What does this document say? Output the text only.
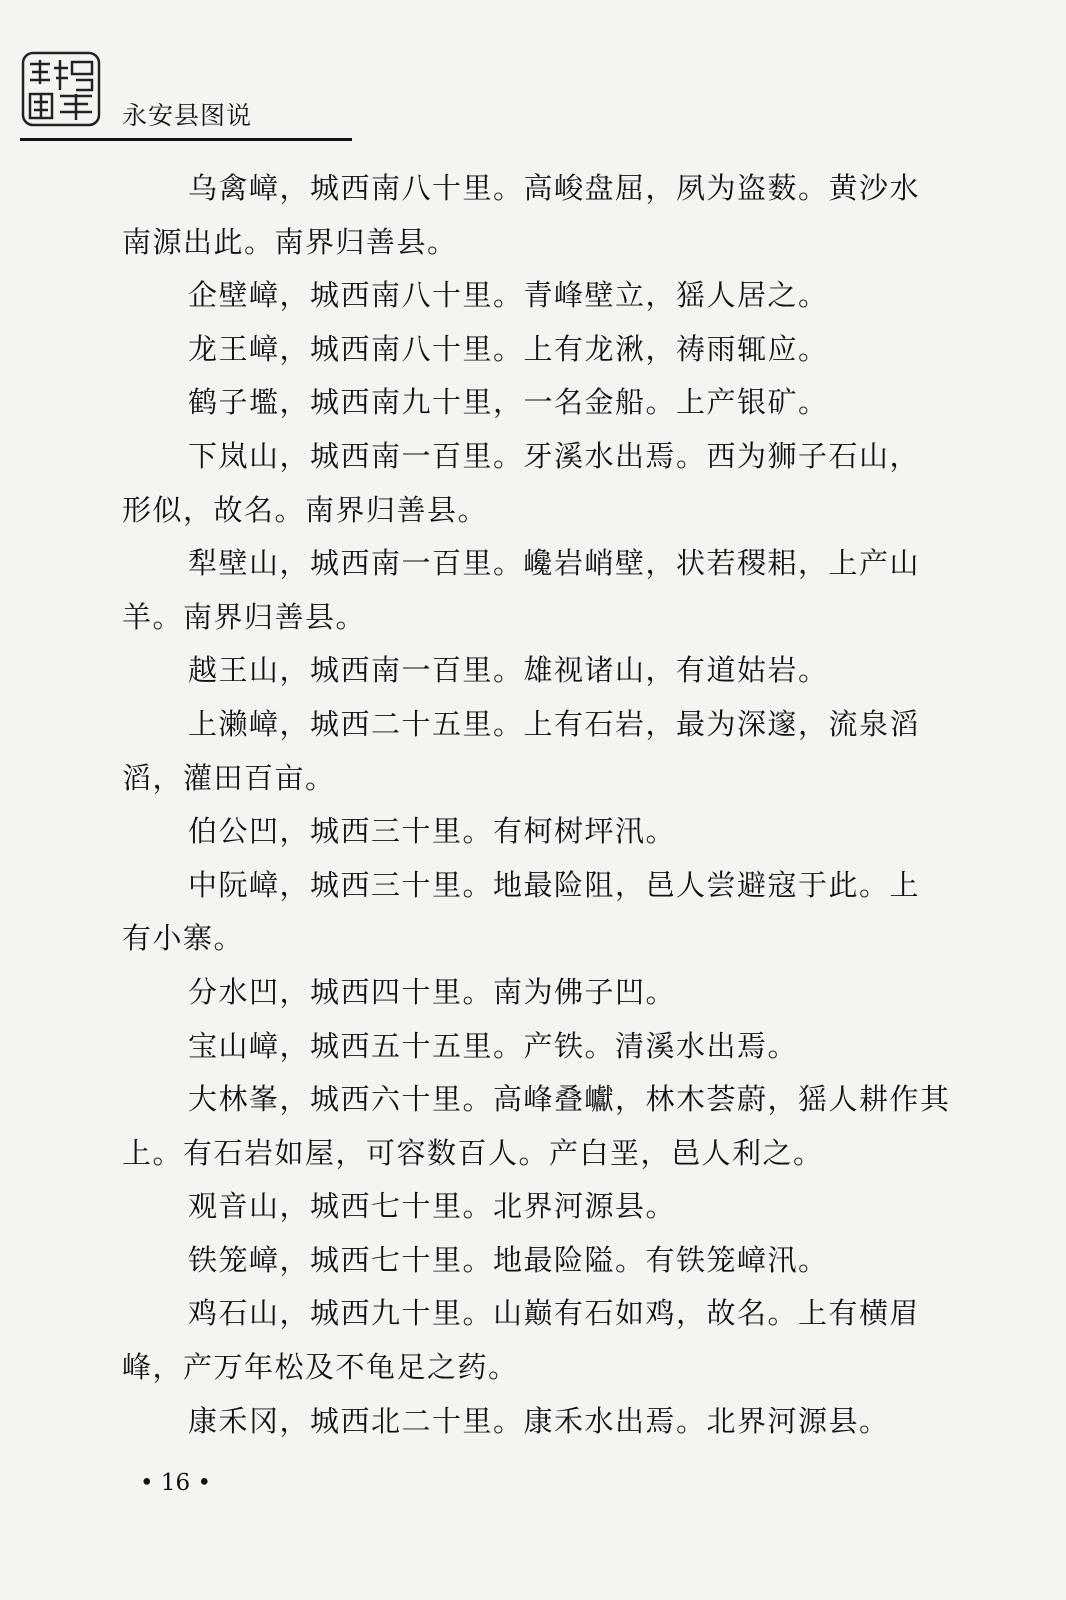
永安县图说

乌禽嶂，城西南八十里。高峻盘屈，夙为盗薮。黄沙水
南源出此。南界归善县。

企壁嶂，城西南八十里。青峰壁立，猺人居之。

龙王嶂，城西南八十里。上有龙湫，祷雨辄应。

鹤子壏，城西南九十里，一名金船。上产银矿。

下岚山，城西南一百里。牙溪水出焉。西为狮子石山，
形似，故名。南界归善县。

犁壁山，城西南一百里。巉岩峭壁，状若稷耜，上产山
羊。南界归善县。

越王山，城西南一百里。雄视诸山，有道姑岩。

上濑嶂，城西二十五里。上有石岩，最为深邃，流泉滔
滔，灌田百亩。

伯公凹，城西三十里。有柯树坪汛。

中阮嶂，城西三十里。地最险阻，邑人尝避寇于此。上
有小寨。

分水凹，城西四十里。南为佛子凹。

宝山嶂，城西五十五里。产铁。清溪水出焉。

大林峯，城西六十里。高峰叠巘，林木荟蔚，猺人耕作其
上。有石岩如屋，可容数百人。产白垩，邑人利之。

观音山，城西七十里。北界河源县。

铁笼嶂，城西七十里。地最险隘。有铁笼嶂汛。

鸡石山，城西九十里。山巅有石如鸡，故名。上有横眉
峰，产万年松及不龟足之药。

康禾冈，城西北二十里。康禾水出焉。北界河源县。

• 16 •
